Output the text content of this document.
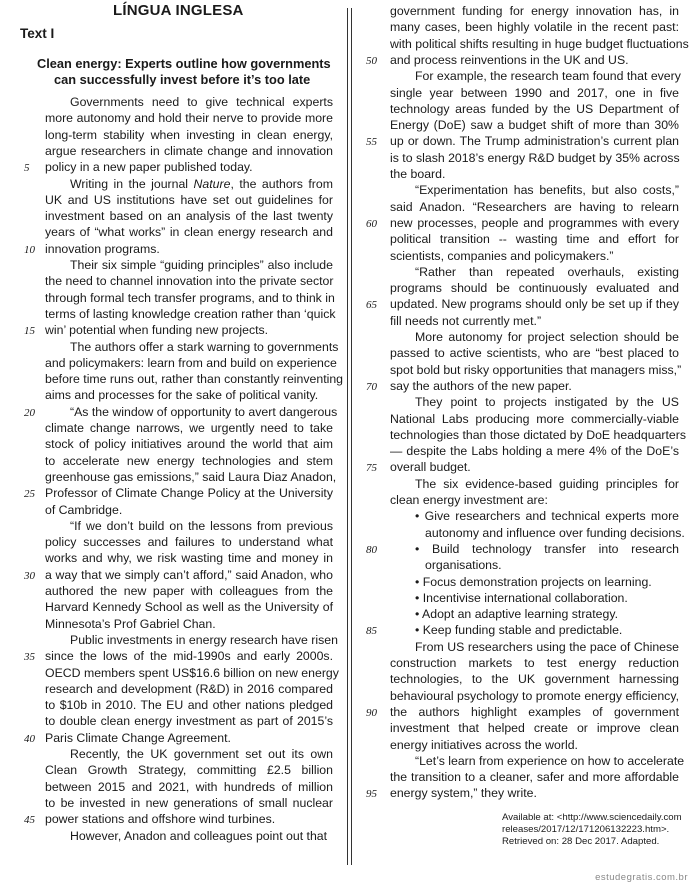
LÍNGUA INGLESA
Text I
Clean energy: Experts outline how governments
can successfully invest before it’s too late
Governments need to give technical experts
more autonomy and hold their nerve to provide more
long-term stability when investing in clean energy,
argue researchers in climate change and innovation
policy in a new paper published today.
Writing in the journal Nature, the authors from
UK and US institutions have set out guidelines for
investment based on an analysis of the last twenty
years of “what works” in clean energy research and
innovation programs.
Their six simple “guiding principles” also include
the need to channel innovation into the private sector
through formal tech transfer programs, and to think in
terms of lasting knowledge creation rather than ‘quick
win’ potential when funding new projects.
The authors offer a stark warning to governments
and policymakers: learn from and build on experience
before time runs out, rather than constantly reinventing
aims and processes for the sake of political vanity.
“As the window of opportunity to avert dangerous
climate change narrows, we urgently need to take
stock of policy initiatives around the world that aim
to accelerate new energy technologies and stem
greenhouse gas emissions,” said Laura Diaz Anadon,
Professor of Climate Change Policy at the University
of Cambridge.
“If we don’t build on the lessons from previous
policy successes and failures to understand what
works and why, we risk wasting time and money in
a way that we simply can’t afford,” said Anadon, who
authored the new paper with colleagues from the
Harvard Kennedy School as well as the University of
Minnesota’s Prof Gabriel Chan.
Public investments in energy research have risen
since the lows of the mid-1990s and early 2000s.
OECD members spent US$16.6 billion on new energy
research and development (R&D) in 2016 compared
to $10b in 2010. The EU and other nations pledged
to double clean energy investment as part of 2015’s
Paris Climate Change Agreement.
Recently, the UK government set out its own
Clean Growth Strategy, committing £2.5 billion
between 2015 and 2021, with hundreds of million
to be invested in new generations of small nuclear
power stations and offshore wind turbines.
However, Anadon and colleagues point out that
5
10
15
20
25
30
35
40
45
government funding for energy innovation has, in
many cases, been highly volatile in the recent past:
with political shifts resulting in huge budget fluctuations
and process reinventions in the UK and US.
For example, the research team found that every
single year between 1990 and 2017, one in five
technology areas funded by the US Department of
Energy (DoE) saw a budget shift of more than 30%
up or down. The Trump administration’s current plan
is to slash 2018’s energy R&D budget by 35% across
the board.
“Experimentation has benefits, but also costs,”
said Anadon. “Researchers are having to relearn
new processes, people and programmes with every
political transition -- wasting time and effort for
scientists, companies and policymakers.”
“Rather than repeated overhauls, existing
programs should be continuously evaluated and
updated. New programs should only be set up if they
fill needs not currently met.”
More autonomy for project selection should be
passed to active scientists, who are “best placed to
spot bold but risky opportunities that managers miss,”
say the authors of the new paper.
They point to projects instigated by the US
National Labs producing more commercially-viable
technologies than those dictated by DoE headquarters
— despite the Labs holding a mere 4% of the DoE’s
overall budget.
The six evidence-based guiding principles for
clean energy investment are:
• Give researchers and technical experts more
autonomy and influence over funding decisions.
• Build technology transfer into research
organisations.
• Focus demonstration projects on learning.
• Incentivise international collaboration.
• Adopt an adaptive learning strategy.
• Keep funding stable and predictable.
From US researchers using the pace of Chinese
construction markets to test energy reduction
technologies, to the UK government harnessing
behavioural psychology to promote energy efficiency,
the authors highlight examples of government
investment that helped create or improve clean
energy initiatives across the world.
“Let’s learn from experience on how to accelerate
the transition to a cleaner, safer and more affordable
energy system,” they write.
50
55
60
65
70
75
80
85
90
95
Available at: <http://www.sciencedaily.com
releases/2017/12/171206132223.htm>.
Retrieved on: 28 Dec 2017. Adapted.
estudegratis.com.br
